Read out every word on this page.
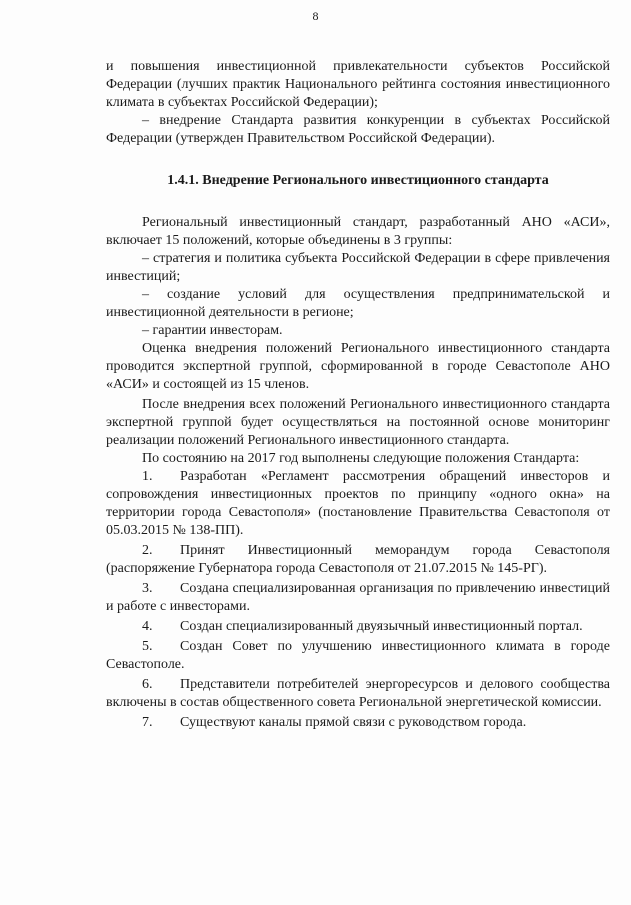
8

и повышения инвестиционной привлекательности субъектов Российской Федерации (лучших практик Национального рейтинга состояния инвестиционного климата в субъектах Российской Федерации);

– внедрение Стандарта развития конкуренции в субъектах Российской Федерации (утвержден Правительством Российской Федерации).

1.4.1. Внедрение Регионального инвестиционного стандарта

Региональный инвестиционный стандарт, разработанный АНО «АСИ», включает 15 положений, которые объединены в 3 группы:

– стратегия и политика субъекта Российской Федерации в сфере привлечения инвестиций;

– создание условий для осуществления предпринимательской и инвестиционной деятельности в регионе;

– гарантии инвесторам.

Оценка внедрения положений Регионального инвестиционного стандарта проводится экспертной группой, сформированной в городе Севастополе АНО «АСИ» и состоящей из 15 членов.

После внедрения всех положений Регионального инвестиционного стандарта экспертной группой будет осуществляться на постоянной основе мониторинг реализации положений Регионального инвестиционного стандарта.

По состоянию на 2017 год выполнены следующие положения Стандарта:

1. Разработан «Регламент рассмотрения обращений инвесторов и сопровождения инвестиционных проектов по принципу «одного окна» на территории города Севастополя» (постановление Правительства Севастополя от 05.03.2015 № 138-ПП).

2. Принят Инвестиционный меморандум города Севастополя (распоряжение Губернатора города Севастополя от 21.07.2015 № 145-РГ).

3. Создана специализированная организация по привлечению инвестиций и работе с инвесторами.

4. Создан специализированный двуязычный инвестиционный портал.

5. Создан Совет по улучшению инвестиционного климата в городе Севастополе.

6. Представители потребителей энергоресурсов и делового сообщества включены в состав общественного совета Региональной энергетической комиссии.

7. Существуют каналы прямой связи с руководством города.
